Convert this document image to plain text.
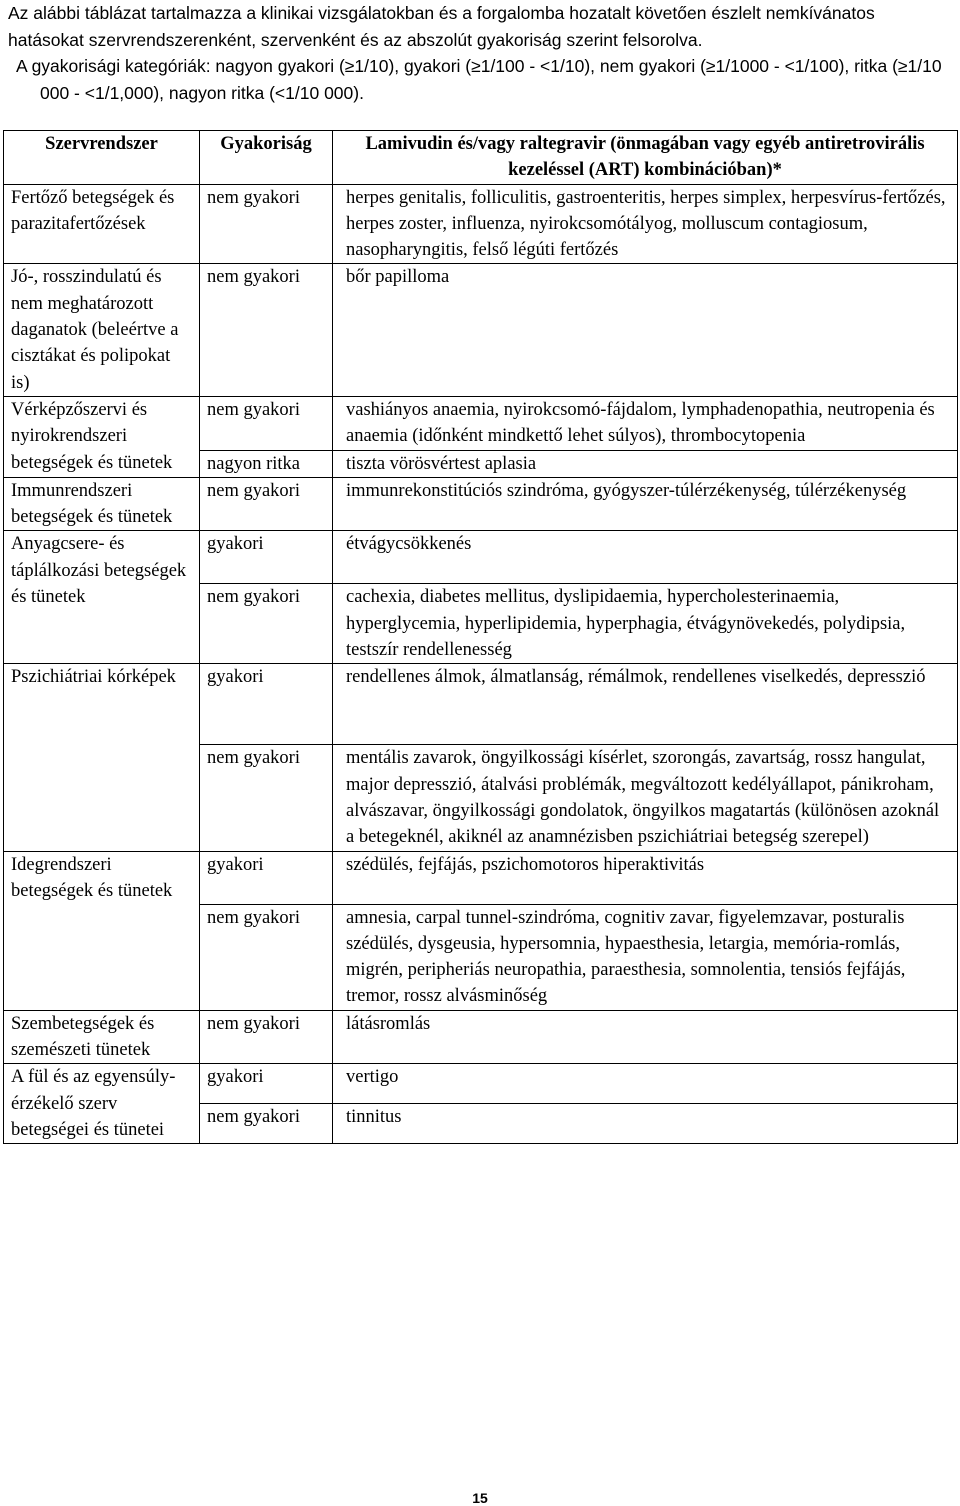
Az alábbi táblázat tartalmazza a klinikai vizsgálatokban és a forgalomba hozatalt követően észlelt nemkívánatos hatásokat szervrendszerenként, szervenként és az abszolút gyakoriság szerint felsorolva.

A gyakorisági kategóriák: nagyon gyakori (≥1/10), gyakori (≥1/100 - <1/10), nem gyakori (≥1/1000 - <1/100), ritka (≥1/10 000 - <1/1,000), nagyon ritka (<1/10 000).

Szervrendszer	Gyakoriság	Lamivudin és/vagy raltegravir (önmagában vagy egyéb antiretrovirális kezeléssel (ART) kombinációban)*
Fertőző betegségek és parazitafertőzések	nem gyakori	herpes genitalis, folliculitis, gastroenteritis, herpes simplex, herpesvírus-fertőzés, herpes zoster, influenza, nyirokcsomótályog, molluscum contagiosum, nasopharyngitis, felső légúti fertőzés
Jó-, rosszindulatú és nem meghatározott daganatok (beleértve a cisztákat és polipokat is)	nem gyakori	bőr papilloma
Vérképzőszervi és nyirokrendszeri betegségek és tünetek	nem gyakori	vashiányos anaemia, nyirokcsomó-fájdalom, lymphadenopathia, neutropenia és anaemia (időnként mindkettő lehet súlyos), thrombocytopenia
	nagyon ritka	tiszta vörösvértest aplasia
Immunrendszeri betegségek és tünetek	nem gyakori	immunrekonstitúciós szindróma, gyógyszer-túlérzékenység, túlérzékenység
Anyagcsere- és táplálkozási betegségek és tünetek	gyakori	étvágycsökkenés
	nem gyakori	cachexia, diabetes mellitus, dyslipidaemia, hypercholesterinaemia, hyperglycemia, hyperlipidemia, hyperphagia, étvágynövekedés, polydipsia, testszír rendellenesség
Pszichiátriai kórképek	gyakori	rendellenes álmok, álmatlanság, rémálmok, rendellenes viselkedés, depresszió
	nem gyakori	mentális zavarok, öngyilkossági kísérlet, szorongás, zavartság, rossz hangulat, major depresszió, átalvási problémák, megváltozott kedélyállapot, pánikroham, alvászavar, öngyilkossági gondolatok, öngyilkos magatartás (különösen azoknál a betegeknél, akiknél az anamnézisben pszichiátriai betegség szerepel)
Idegrendszeri betegségek és tünetek	gyakori	szédülés, fejfájás, pszichomotoros hiperaktivitás
	nem gyakori	amnesia, carpal tunnel-szindróma, cognitiv zavar, figyelemzavar, posturalis szédülés, dysgeusia, hypersomnia, hypaesthesia, letargia, memória-romlás, migrén, peripheriás neuropathia, paraesthesia, somnolentia, tensiós fejfájás, tremor, rossz alvásminőség
Szembetegségek és szemészeti tünetek	nem gyakori	látásromlás
A fül és az egyensúly-érzékelő szerv betegségei és tünetei	gyakori	vertigo
	nem gyakori	tinnitus
15
